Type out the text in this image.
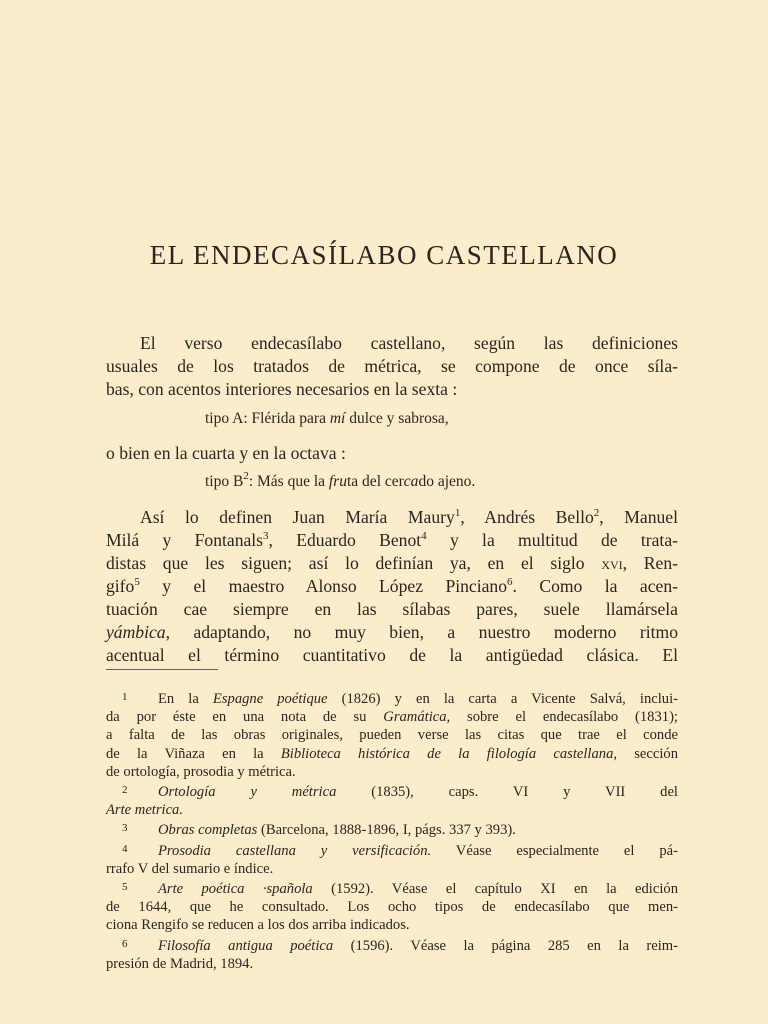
EL ENDECASÍLABO CASTELLANO

El verso endecasílabo castellano, según las definiciones
usuales de los tratados de métrica, se compone de once síla-
bas, con acentos interiores necesarios en la sexta :

tipo A: Flérida para mí dulce y sabrosa,

o bien en la cuarta y en la octava :

tipo $B^2$: Más que la fruta del cercado ajeno.

Así lo definen Juan María Maury$^1$, Andrés Bello$^2$, Manuel
Milá y Fontanals$^3$, Eduardo Benot$^4$ y la multitud de trata-
distas que les siguen; así lo definían ya, en el siglo xvi, Ren-
gifo$^5$ y el maestro Alonso López Pinciano$^6$. Como la acen-
tuación cae siempre en las sílabas pares, suele llamársela
yámbica, adaptando, no muy bien, a nuestro moderno ritmo
acentual el término cuantitativo de la antigüedad clásica. El

1 En la Espagne poétique (1826) y en la carta a Vicente Salvá, inclui-
da por éste en una nota de su Gramática, sobre el endecasílabo (1831);
a falta de las obras originales, pueden verse las citas que trae el conde
de la Viñaza en la Biblioteca histórica de la filología castellana, sección
de ortología, prosodia y métrica.
2 Ortología y métrica (1835), caps. VI y VII del
Arte metrica.
3 Obras completas (Barcelona, 1888-1896, I, págs. 337 y 393).
4 Prosodia castellana y versificación. Véase especialmente el pá-
rrafo V del sumario e índice.
5 Arte poética ·spañola (1592). Véase el capítulo XI en la edición
de 1644, que he consultado. Los ocho tipos de endecasílabo que men-
ciona Rengifo se reducen a los dos arriba indicados.
6 Filosofía antigua poética (1596). Véase la página 285 en la reim-
presión de Madrid, 1894.
